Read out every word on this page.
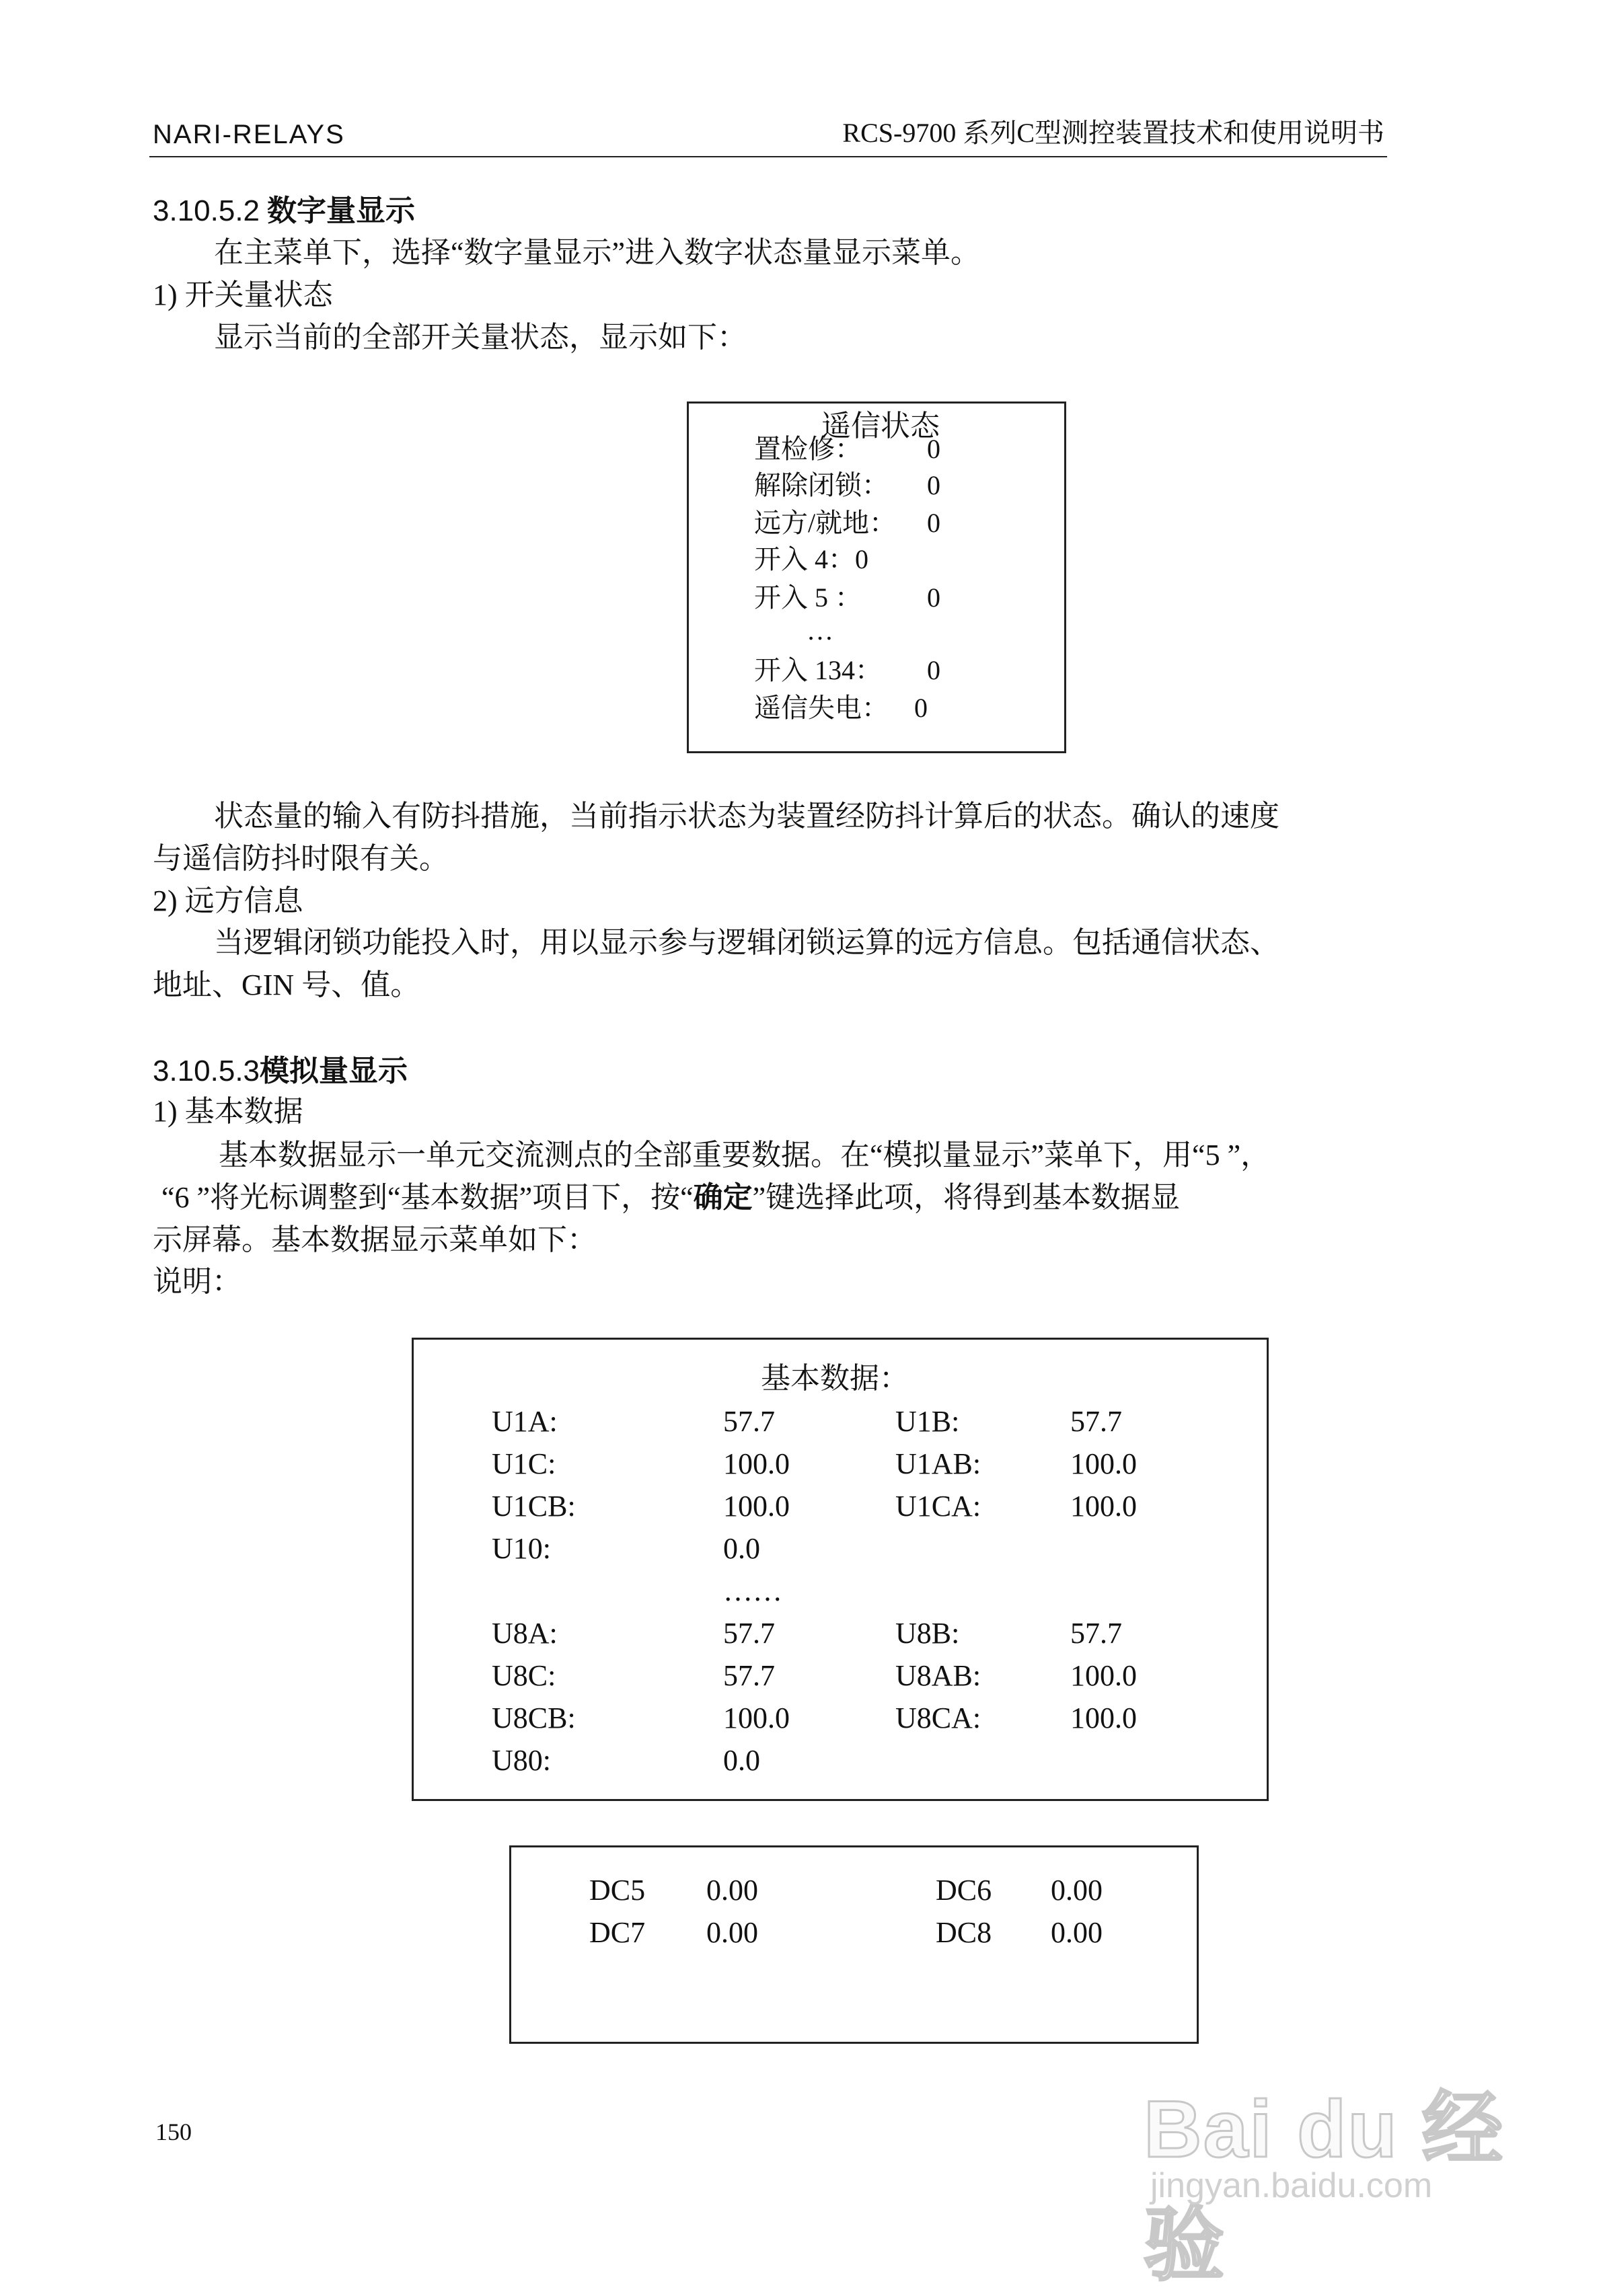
NARI-RELAYS	RCS-9700 系列C型测控装置技术和使用说明书
3.10.5.2 数字量显示
在主菜单下，选择“数字量显示”进入数字状态量显示菜单。
1) 开关量状态
显示当前的全部开关量状态，显示如下：
遥信状态
置检修： 0
解除闭锁： 0
远方/就地： 0
开入 4：0
开入 5 ： 0
…
开入 134： 0
遥信失电： 0
状态量的输入有防抖措施，当前指示状态为装置经防抖计算后的状态。确认的速度
与遥信防抖时限有关。
2) 远方信息
当逻辑闭锁功能投入时，用以显示参与逻辑闭锁运算的远方信息。包括通信状态、
地址、GIN 号、值。
3.10.5.3模拟量显示
1) 基本数据
基本数据显示一单元交流测点的全部重要数据。在“模拟量显示”菜单下，用“5 ”，
“6 ”将光标调整到“基本数据”项目下，按“确定”键选择此项，将得到基本数据显
示屏幕。基本数据显示菜单如下：
说明：
基本数据：
U1A:	57.7	U1B:	57.7
U1C:	100.0	U1AB:	100.0
U1CB:	100.0	U1CA:	100.0
U10:	0.0
……
U8A:	57.7	U8B:	57.7
U8C:	57.7	U8AB:	100.0
U8CB:	100.0	U8CA:	100.0
U80:	0.0
DC5 0.00	DC6 0.00
DC7 0.00	DC8 0.00
150	Bai du 经验
jingyan.baidu.com
